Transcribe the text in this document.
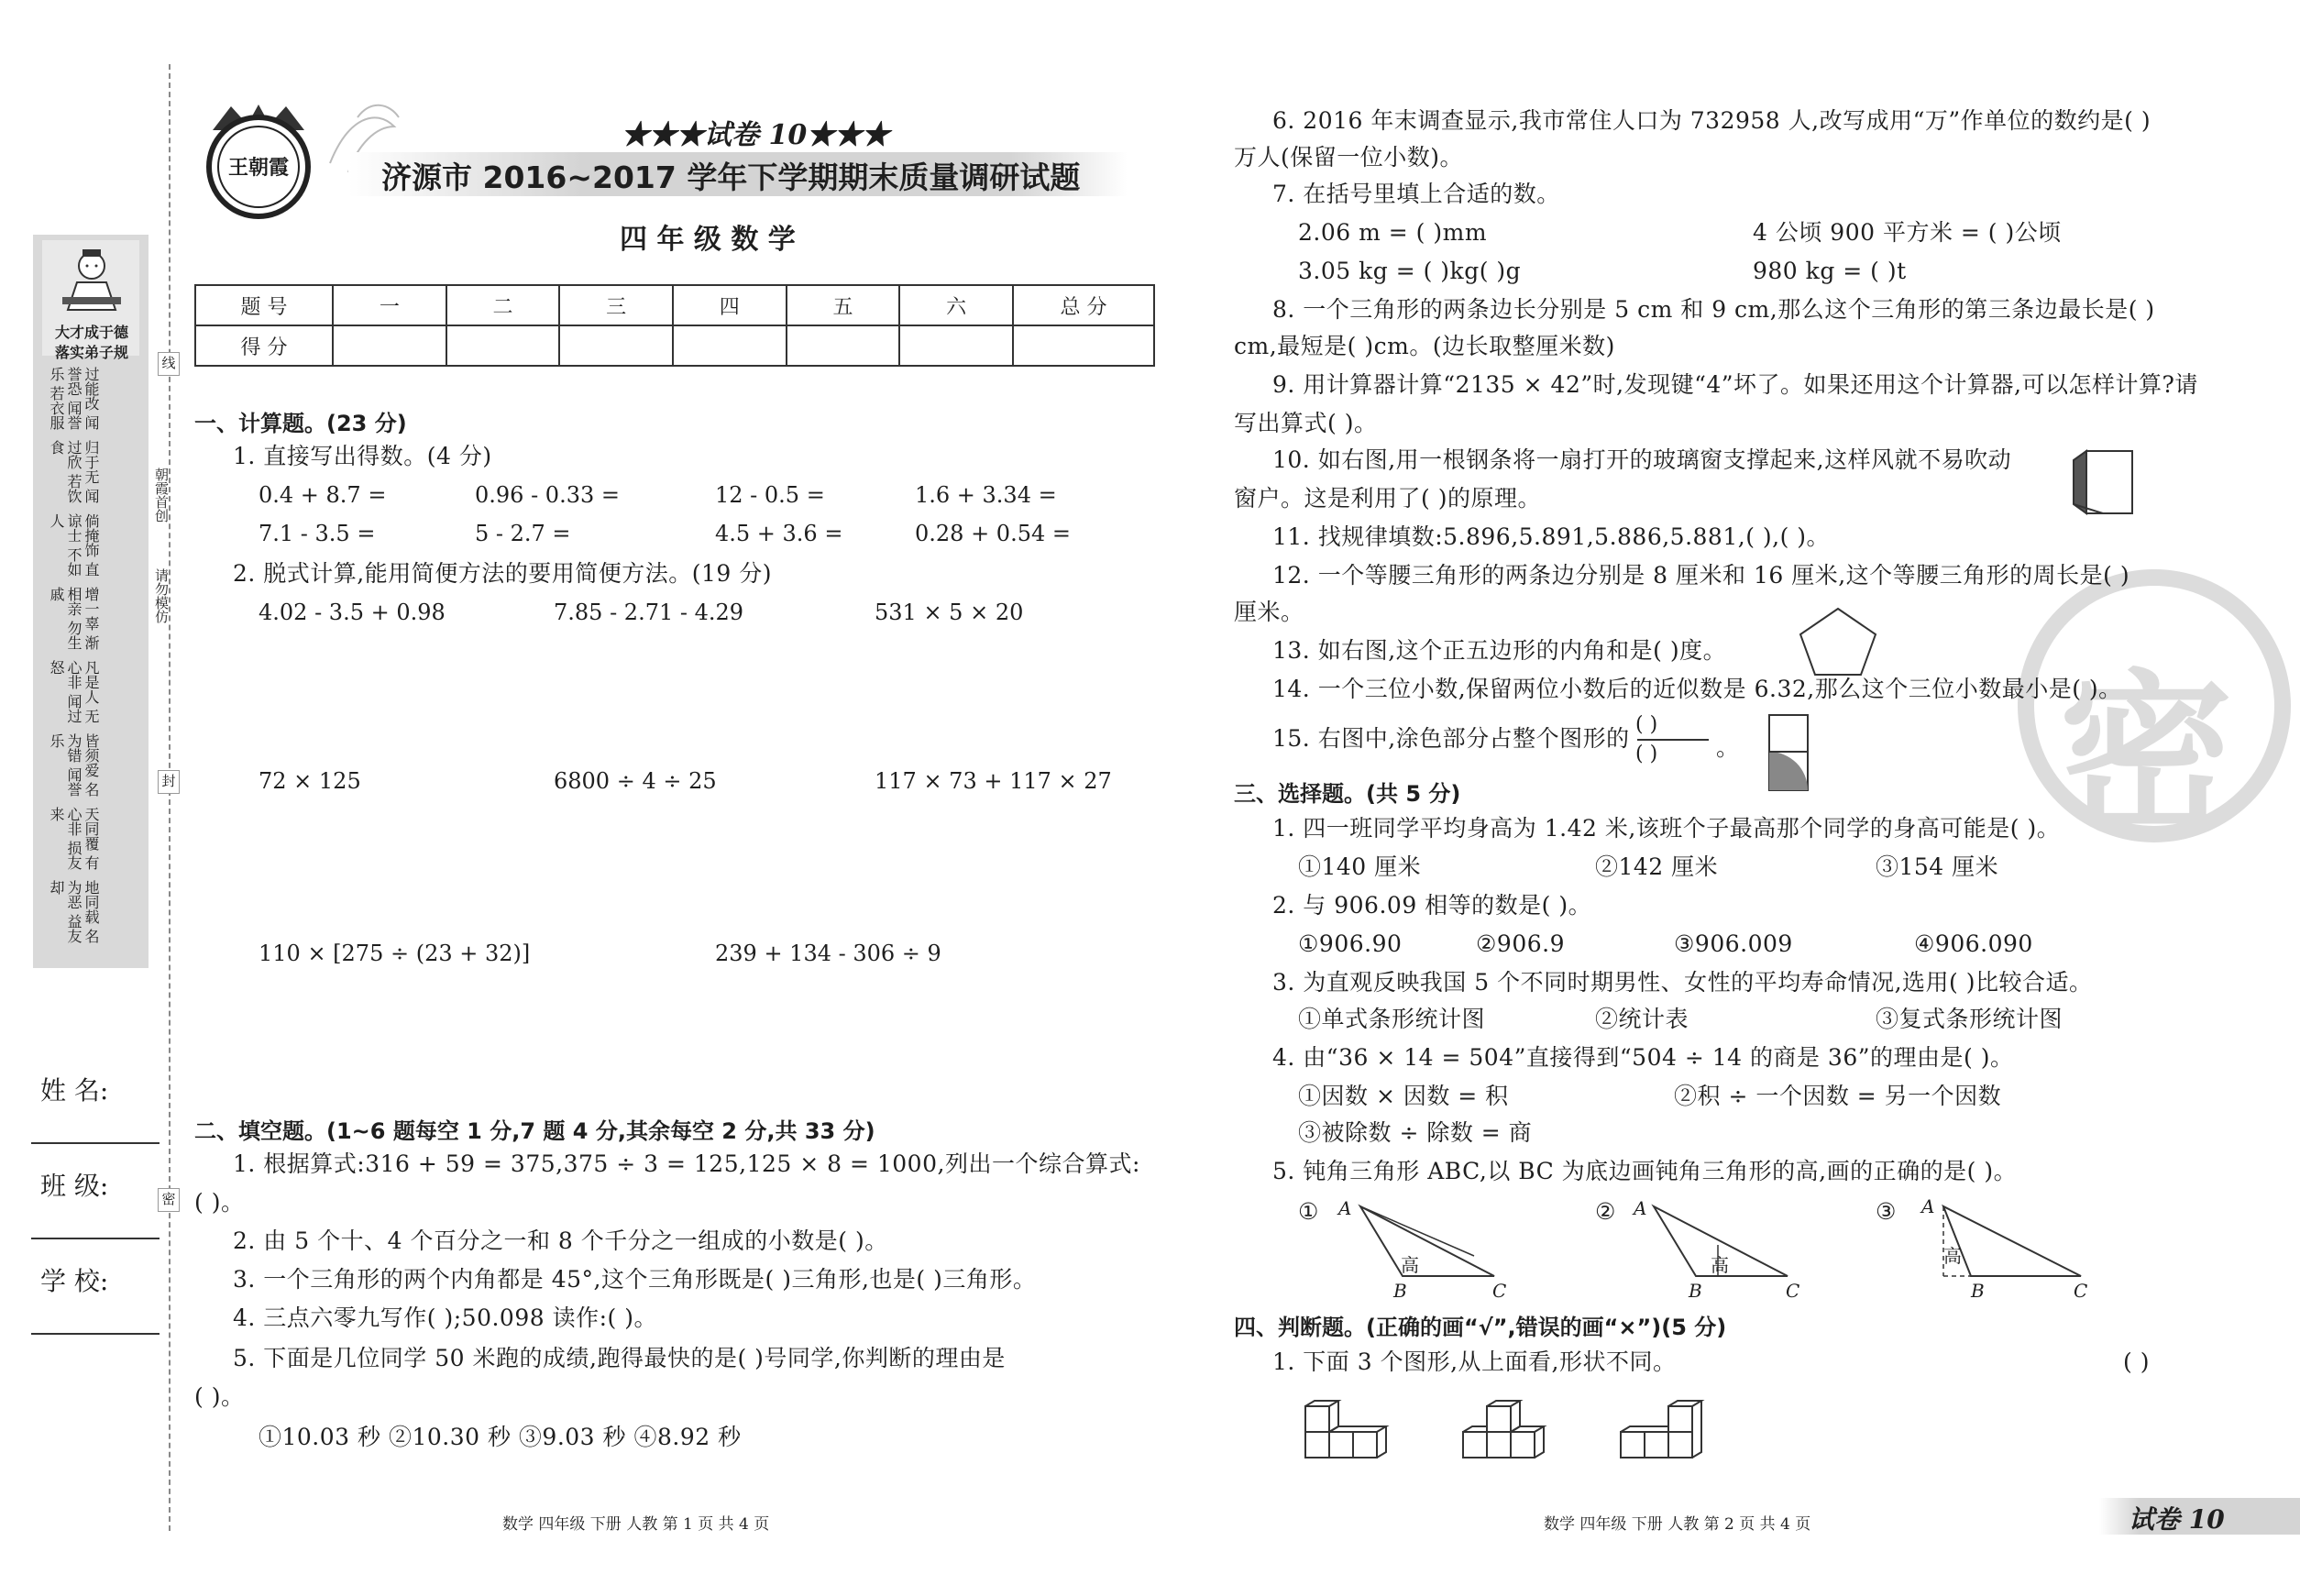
大才成于德
落实弟子规
过能改 闻誉恐 闻誉乐 若衣服
归于无 闻过欣 若饮食
倘掩饰 直谅士 不如人
增一辜 渐相亲 勿生戚
凡是人 无心非 闻过怒
皆须爱 名为错 闻誉乐
天同覆 有心非 损友来
地同载 名为恶 益友却
朝霞首创
请勿模仿
线
封
密
姓 名:
班 级:
学 校:
王朝霞
★★★试卷 10★★★
济源市 2016~2017 学年下学期期末质量调研试题
四 年 级 数 学
题 号	一	二	三	四	五	六	总 分
得 分							
一、计算题。(23 分)
1. 直接写出得数。(4 分)
0.4 + 8.7 =	0.96 - 0.33 =	12 - 0.5 =	1.6 + 3.34 =
7.1 - 3.5 =	5 - 2.7 =	4.5 + 3.6 =	0.28 + 0.54 =
2. 脱式计算,能用简便方法的要用简便方法。(19 分)
4.02 - 3.5 + 0.98	7.85 - 2.71 - 4.29	531 × 5 × 20
72 × 125	6800 ÷ 4 ÷ 25	117 × 73 + 117 × 27
110 × [275 ÷ (23 + 32)]	239 + 134 - 306 ÷ 9
二、填空题。(1~6 题每空 1 分,7 题 4 分,其余每空 2 分,共 33 分)
1. 根据算式:316 + 59 = 375,375 ÷ 3 = 125,125 × 8 = 1000,列出一个综合算式:
( )。
2. 由 5 个十、4 个百分之一和 8 个千分之一组成的小数是( )。
3. 一个三角形的两个内角都是 45°,这个三角形既是( )三角形,也是( )三角形。
4. 三点六零九写作( );50.098 读作:( )。
5. 下面是几位同学 50 米跑的成绩,跑得最快的是( )号同学,你判断的理由是
( )。
①10.03 秒 ②10.30 秒 ③9.03 秒 ④8.92 秒
数学 四年级 下册 人教 第 1 页 共 4 页
密
6. 2016 年末调查显示,我市常住人口为 732958 人,改写成用“万”作单位的数约是( )
万人(保留一位小数)。
7. 在括号里填上合适的数。
2.06 m = ( )mm	4 公顷 900 平方米 = ( )公顷
3.05 kg = ( )kg( )g	980 kg = ( )t
8. 一个三角形的两条边长分别是 5 cm 和 9 cm,那么这个三角形的第三条边最长是( )
cm,最短是( )cm。(边长取整厘米数)
9. 用计算器计算“2135 × 42”时,发现键“4”坏了。如果还用这个计算器,可以怎样计算?请
写出算式( )。
10. 如右图,用一根钢条将一扇打开的玻璃窗支撑起来,这样风就不易吹动
窗户。这是利用了( )的原理。
11. 找规律填数:5.896,5.891,5.886,5.881,( ),( )。
12. 一个等腰三角形的两条边分别是 8 厘米和 16 厘米,这个等腰三角形的周长是( )
厘米。
13. 如右图,这个正五边形的内角和是( )度。
14. 一个三位小数,保留两位小数后的近似数是 6.32,那么这个三位小数最小是( )。
15. 右图中,涂色部分占整个图形的
( )
( )	。
三、选择题。(共 5 分)
1. 四一班同学平均身高为 1.42 米,该班个子最高那个同学的身高可能是( )。
①140 厘米	②142 厘米	③154 厘米
2. 与 906.09 相等的数是( )。
①906.90	②906.9	③906.009	④906.090
3. 为直观反映我国 5 个不同时期男性、女性的平均寿命情况,选用( )比较合适。
①单式条形统计图	②统计表	③复式条形统计图
4. 由“36 × 14 = 504”直接得到“504 ÷ 14 的商是 36”的理由是( )。
①因数 × 因数 = 积	②积 ÷ 一个因数 = 另一个因数
③被除数 ÷ 除数 = 商
5. 钝角三角形 ABC,以 BC 为底边画钝角三角形的高,画的正确的是( )。
① A
B	C
高
② A
B	C
高
③ A
B	C
高
四、判断题。(正确的画“√”,错误的画“×”)(5 分)
1. 下面 3 个图形,从上面看,形状不同。	( )
数学 四年级 下册 人教 第 2 页 共 4 页	试卷 10
